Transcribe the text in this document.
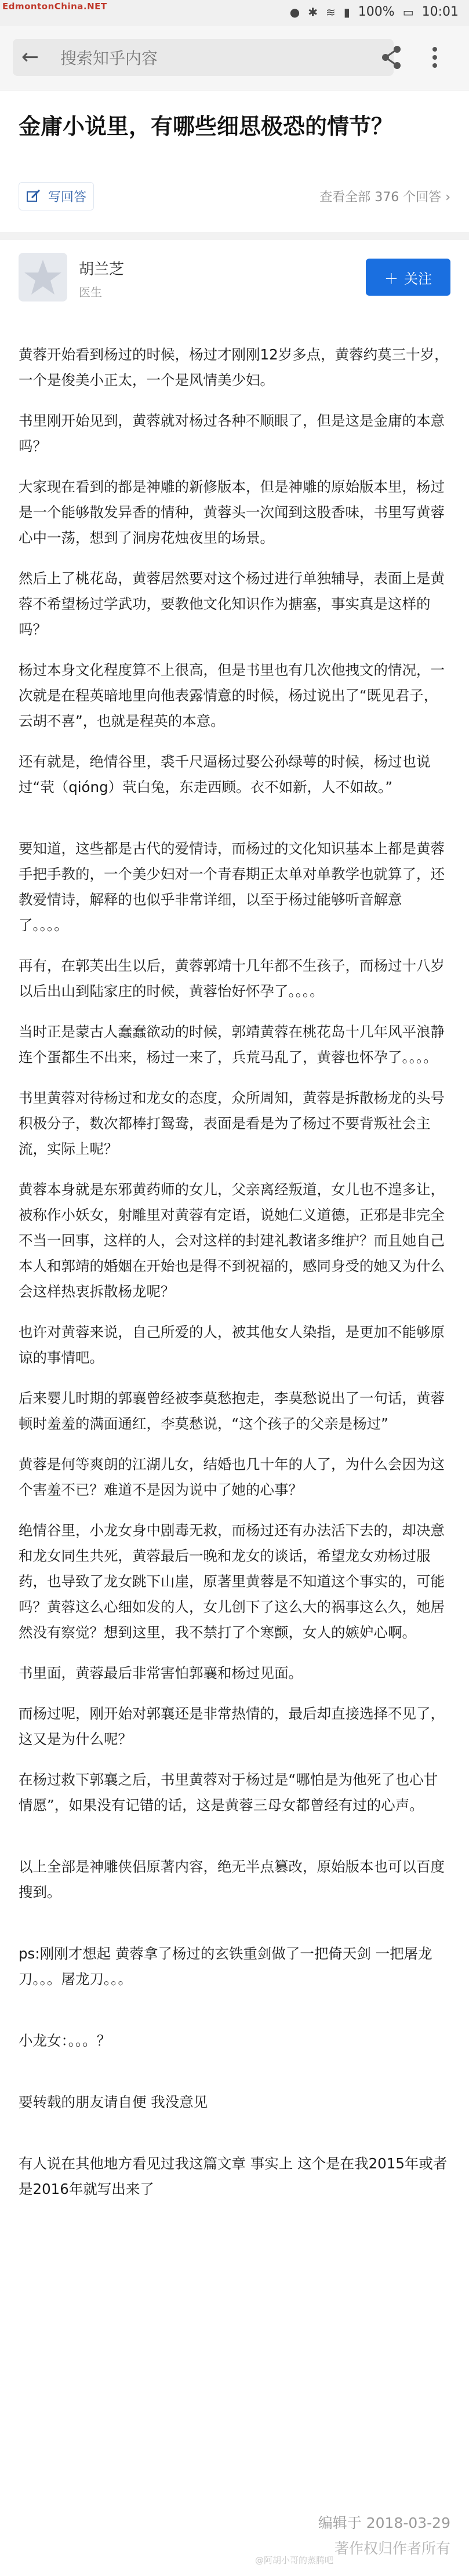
EdmontonChina.NET	● ✱ ≋ ▮ 100% ▭ 10:01
←	搜索知乎内容
金庸小说里，有哪些细思极恐的情节？
写回答	查看全部 376 个回答 ›
胡兰芝
医生
＋ 关注

黄蓉开始看到杨过的时候，杨过才刚刚12岁多点，黄蓉约莫三十岁，一个是俊美小正太，一个是风情美少妇。

书里刚开始见到，黄蓉就对杨过各种不顺眼了，但是这是金庸的本意吗？

大家现在看到的都是神雕的新修版本，但是神雕的原始版本里，杨过是一个能够散发异香的情种，黄蓉头一次闻到这股香味，书里写黄蓉心中一荡，想到了洞房花烛夜里的场景。

然后上了桃花岛，黄蓉居然要对这个杨过进行单独辅导，表面上是黄蓉不希望杨过学武功，要教他文化知识作为搪塞，事实真是这样的吗？

杨过本身文化程度算不上很高，但是书里也有几次他拽文的情况，一次就是在程英暗地里向他表露情意的时候，杨过说出了“既见君子，云胡不喜”，也就是程英的本意。

还有就是，绝情谷里，裘千尺逼杨过娶公孙绿萼的时候，杨过也说过“茕（qióng）茕白兔，东走西顾。衣不如新，人不如故。”

要知道，这些都是古代的爱情诗，而杨过的文化知识基本上都是黄蓉手把手教的，一个美少妇对一个青春期正太单对单教学也就算了，还教爱情诗，解释的也似乎非常详细，以至于杨过能够听音解意了。。。。

再有，在郭芙出生以后，黄蓉郭靖十几年都不生孩子，而杨过十八岁以后出山到陆家庄的时候，黄蓉怡好怀孕了。。。。

当时正是蒙古人蠢蠢欲动的时候，郭靖黄蓉在桃花岛十几年风平浪静连个蛋都生不出来，杨过一来了，兵荒马乱了，黄蓉也怀孕了。。。。

书里黄蓉对待杨过和龙女的态度，众所周知，黄蓉是拆散杨龙的头号积极分子，数次都棒打鸳鸯，表面是看是为了杨过不要背叛社会主流，实际上呢？

黄蓉本身就是东邪黄药师的女儿，父亲离经叛道，女儿也不遑多让，被称作小妖女，射雕里对黄蓉有定语，说她仁义道德，正邪是非完全不当一回事，这样的人，会对这样的封建礼教诸多维护？而且她自己本人和郭靖的婚姻在开始也是得不到祝福的，感同身受的她又为什么会这样热衷拆散杨龙呢？

也许对黄蓉来说，自己所爱的人，被其他女人染指，是更加不能够原谅的事情吧。

后来婴儿时期的郭襄曾经被李莫愁抱走，李莫愁说出了一句话，黄蓉顿时羞羞的满面通红，李莫愁说，“这个孩子的父亲是杨过”

黄蓉是何等爽朗的江湖儿女，结婚也几十年的人了，为什么会因为这个害羞不已？难道不是因为说中了她的心事？

绝情谷里，小龙女身中剧毒无救，而杨过还有办法活下去的，却决意和龙女同生共死，黄蓉最后一晚和龙女的谈话，希望龙女劝杨过服药，也导致了龙女跳下山崖，原著里黄蓉是不知道这个事实的，可能吗？黄蓉这么心细如发的人，女儿创下了这么大的祸事这么久，她居然没有察觉？想到这里，我不禁打了个寒颤，女人的嫉妒心啊。

书里面，黄蓉最后非常害怕郭襄和杨过见面。

而杨过呢，刚开始对郭襄还是非常热情的，最后却直接选择不见了，这又是为什么呢？

在杨过救下郭襄之后，书里黄蓉对于杨过是“哪怕是为他死了也心甘情愿”，如果没有记错的话，这是黄蓉三母女都曾经有过的心声。

以上全部是神雕侠侣原著内容，绝无半点篡改，原始版本也可以百度搜到。

ps:刚刚才想起 黄蓉拿了杨过的玄铁重剑做了一把倚天剑 一把屠龙刀。。。屠龙刀。。。

小龙女：。。。？

要转载的朋友请自便 我没意见

有人说在其他地方看见过我这篇文章 事实上 这个是在我2015年或者是2016年就写出来了

编辑于 2018-03-29
著作权归作者所有
@阿胡小哥的蒸腾吧
